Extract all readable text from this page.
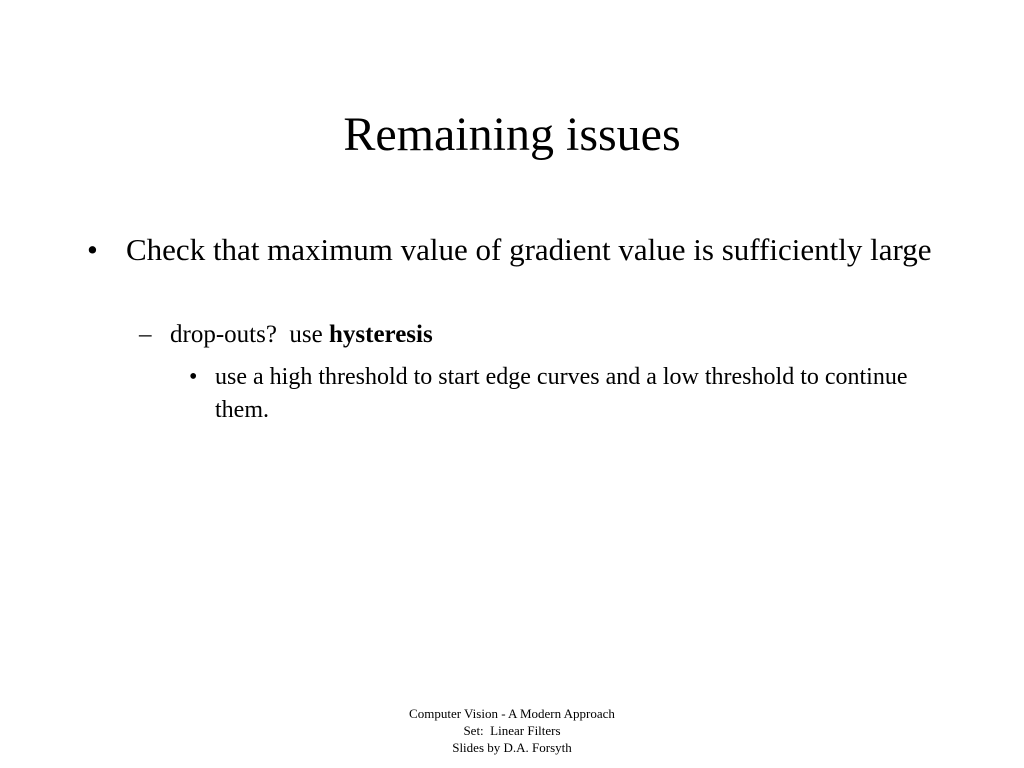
Remaining issues
• Check that maximum value of gradient value is sufficiently large
– drop-outs?  use hysteresis
• use a high threshold to start edge curves and a low threshold to continue them.
Computer Vision - A Modern Approach
Set:  Linear Filters
Slides by D.A. Forsyth
